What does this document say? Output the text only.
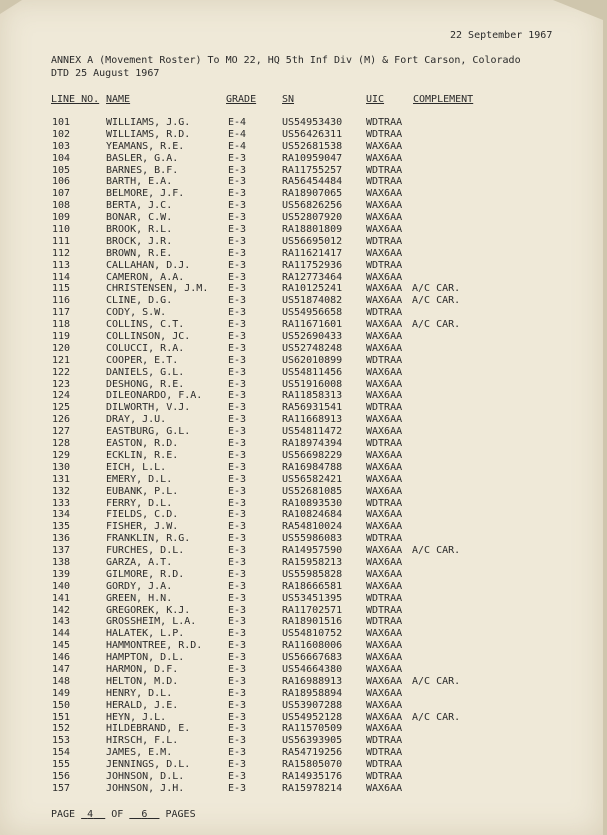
22 September 1967
ANNEX A (Movement Roster) To MO 22, HQ 5th Inf Div (M) & Fort Carson, Colorado
DTD 25 August 1967
LINE NO. NAME	GRADE	SN	UIC	COMPLEMENT
101	WILLIAMS, J.G.	E-4	US54953430 WDTRAA
102	WILLIAMS, R.D.	E-4	US56426311 WDTRAA
103	YEAMANS, R.E.	E-4	US52681538 WAX6AA
104	BASLER, G.A.	E-3	RA10959047 WAX6AA
105	BARNES, B.F.	E-3	RA11755257 WDTRAA
106	BARTH, E.A.	E-3	RA56454484 WDTRAA
107	BELMORE, J.F.	E-3	RA18907065 WAX6AA
108	BERTA, J.C.	E-3	US56826256 WAX6AA
109	BONAR, C.W.	E-3	US52807920 WAX6AA
110	BROOK, R.L.	E-3	RA18801809 WAX6AA
111	BROCK, J.R.	E-3	US56695012 WDTRAA
112	BROWN, R.E.	E-3	RA11621417 WAX6AA
113	CALLAHAN, D.J.	E-3	RA11752936 WDTRAA
114	CAMERON, A.A.	E-3	RA12773464 WAX6AA
115	CHRISTENSEN, J.M. E-3	RA10125241 WAX6AA A/C CAR.
116	CLINE, D.G.	E-3	US51874082 WAX6AA A/C CAR.
117	CODY, S.W.	E-3	US54956658 WDTRAA
118	COLLINS, C.T.	E-3	RA11671601 WAX6AA A/C CAR.
119	COLLINSON, JC.	E-3	US52690433 WAX6AA
120	COLUCCI, R.A.	E-3	US52748248 WAX6AA
121	COOPER, E.T.	E-3	US62010899 WDTRAA
122	DANIELS, G.L.	E-3	US54811456 WAX6AA
123	DESHONG, R.E.	E-3	US51916008 WAX6AA
124	DILEONARDO, F.A.	E-3	RA11858313 WAX6AA
125	DILWORTH, V.J.	E-3	RA56931541 WDTRAA
126	DRAY, J.U.	E-3	RA11668913 WAX6AA
127	EASTBURG, G.L.	E-3	US54811472 WAX6AA
128	EASTON, R.D.	E-3	RA18974394 WDTRAA
129	ECKLIN, R.E.	E-3	US56698229 WAX6AA
130	EICH, L.L.	E-3	RA16984788 WAX6AA
131	EMERY, D.L.	E-3	US56582421 WAX6AA
132	EUBANK, P.L.	E-3	US52681085 WAX6AA
133	FERRY, D.L.	E-3	RA10893530 WDTRAA
134	FIELDS, C.D.	E-3	RA10824684 WAX6AA
135	FISHER, J.W.	E-3	RA54810024 WAX6AA
136	FRANKLIN, R.G.	E-3	US55986083 WDTRAA
137	FURCHES, D.L.	E-3	RA14957590 WAX6AA A/C CAR.
138	GARZA, A.T.	E-3	RA15958213 WAX6AA
139	GILMORE, R.D.	E-3	US55985828 WAX6AA
140	GORDY, J.A.	E-3	RA18666581 WAX6AA
141	GREEN, H.N.	E-3	US53451395 WDTRAA
142	GREGOREK, K.J.	E-3	RA11702571 WDTRAA
143	GROSSHEIM, L.A.	E-3	RA18901516 WDTRAA
144	HALATEK, L.P.	E-3	US54810752 WAX6AA
145	HAMMONTREE, R.D.	E-3	RA11608006 WAX6AA
146	HAMPTON, D.L.	E-3	US56667683 WAX6AA
147	HARMON, D.F.	E-3	US54664380 WAX6AA
148	HELTON, M.D.	E-3	RA16988913 WAX6AA A/C CAR.
149	HENRY, D.L.	E-3	RA18958894 WAX6AA
150	HERALD, J.E.	E-3	US53907288 WAX6AA
151	HEYN, J.L.	E-3	US54952128 WAX6AA A/C CAR.
152	HILDEBRAND, E.	E-3	RA11570509 WAX6AA
153	HIRSCH, F.L.	E-3	US56393905 WDTRAA
154	JAMES, E.M.	E-3	RA54719256 WDTRAA
155	JENNINGS, D.L.	E-3	RA15805070 WDTRAA
156	JOHNSON, D.L.	E-3	RA14935176 WDTRAA
157	JOHNSON, J.H.	E-3	RA15978214 WAX6AA
PAGE 4 OF 6 PAGES
